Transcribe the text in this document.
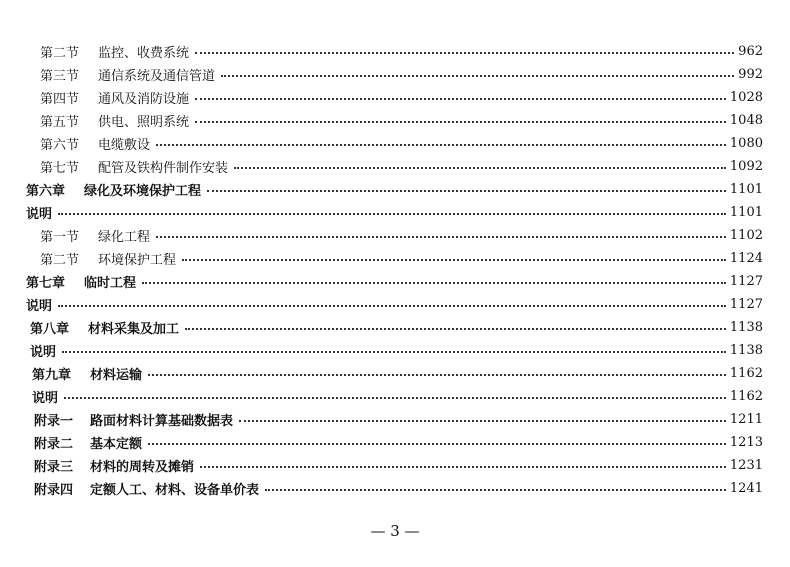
第二节	监控、收费系统	962
第三节	通信系统及通信管道	992
第四节	通风及消防设施	1028
第五节	供电、照明系统	1048
第六节	电缆敷设	1080
第七节	配管及铁构件制作安装	1092
第六章	绿化及环境保护工程	1101
说明	1101
第一节	绿化工程	1102
第二节	环境保护工程	1124
第七章	临时工程	1127
说明	1127
第八章	材料采集及加工	1138
说明	1138
第九章	材料运输	1162
说明	1162
附录一	路面材料计算基础数据表	1211
附录二	基本定额	1213
附录三	材料的周转及摊销	1231
附录四	定额人工、材料、设备单价表	1241
— 3 —
